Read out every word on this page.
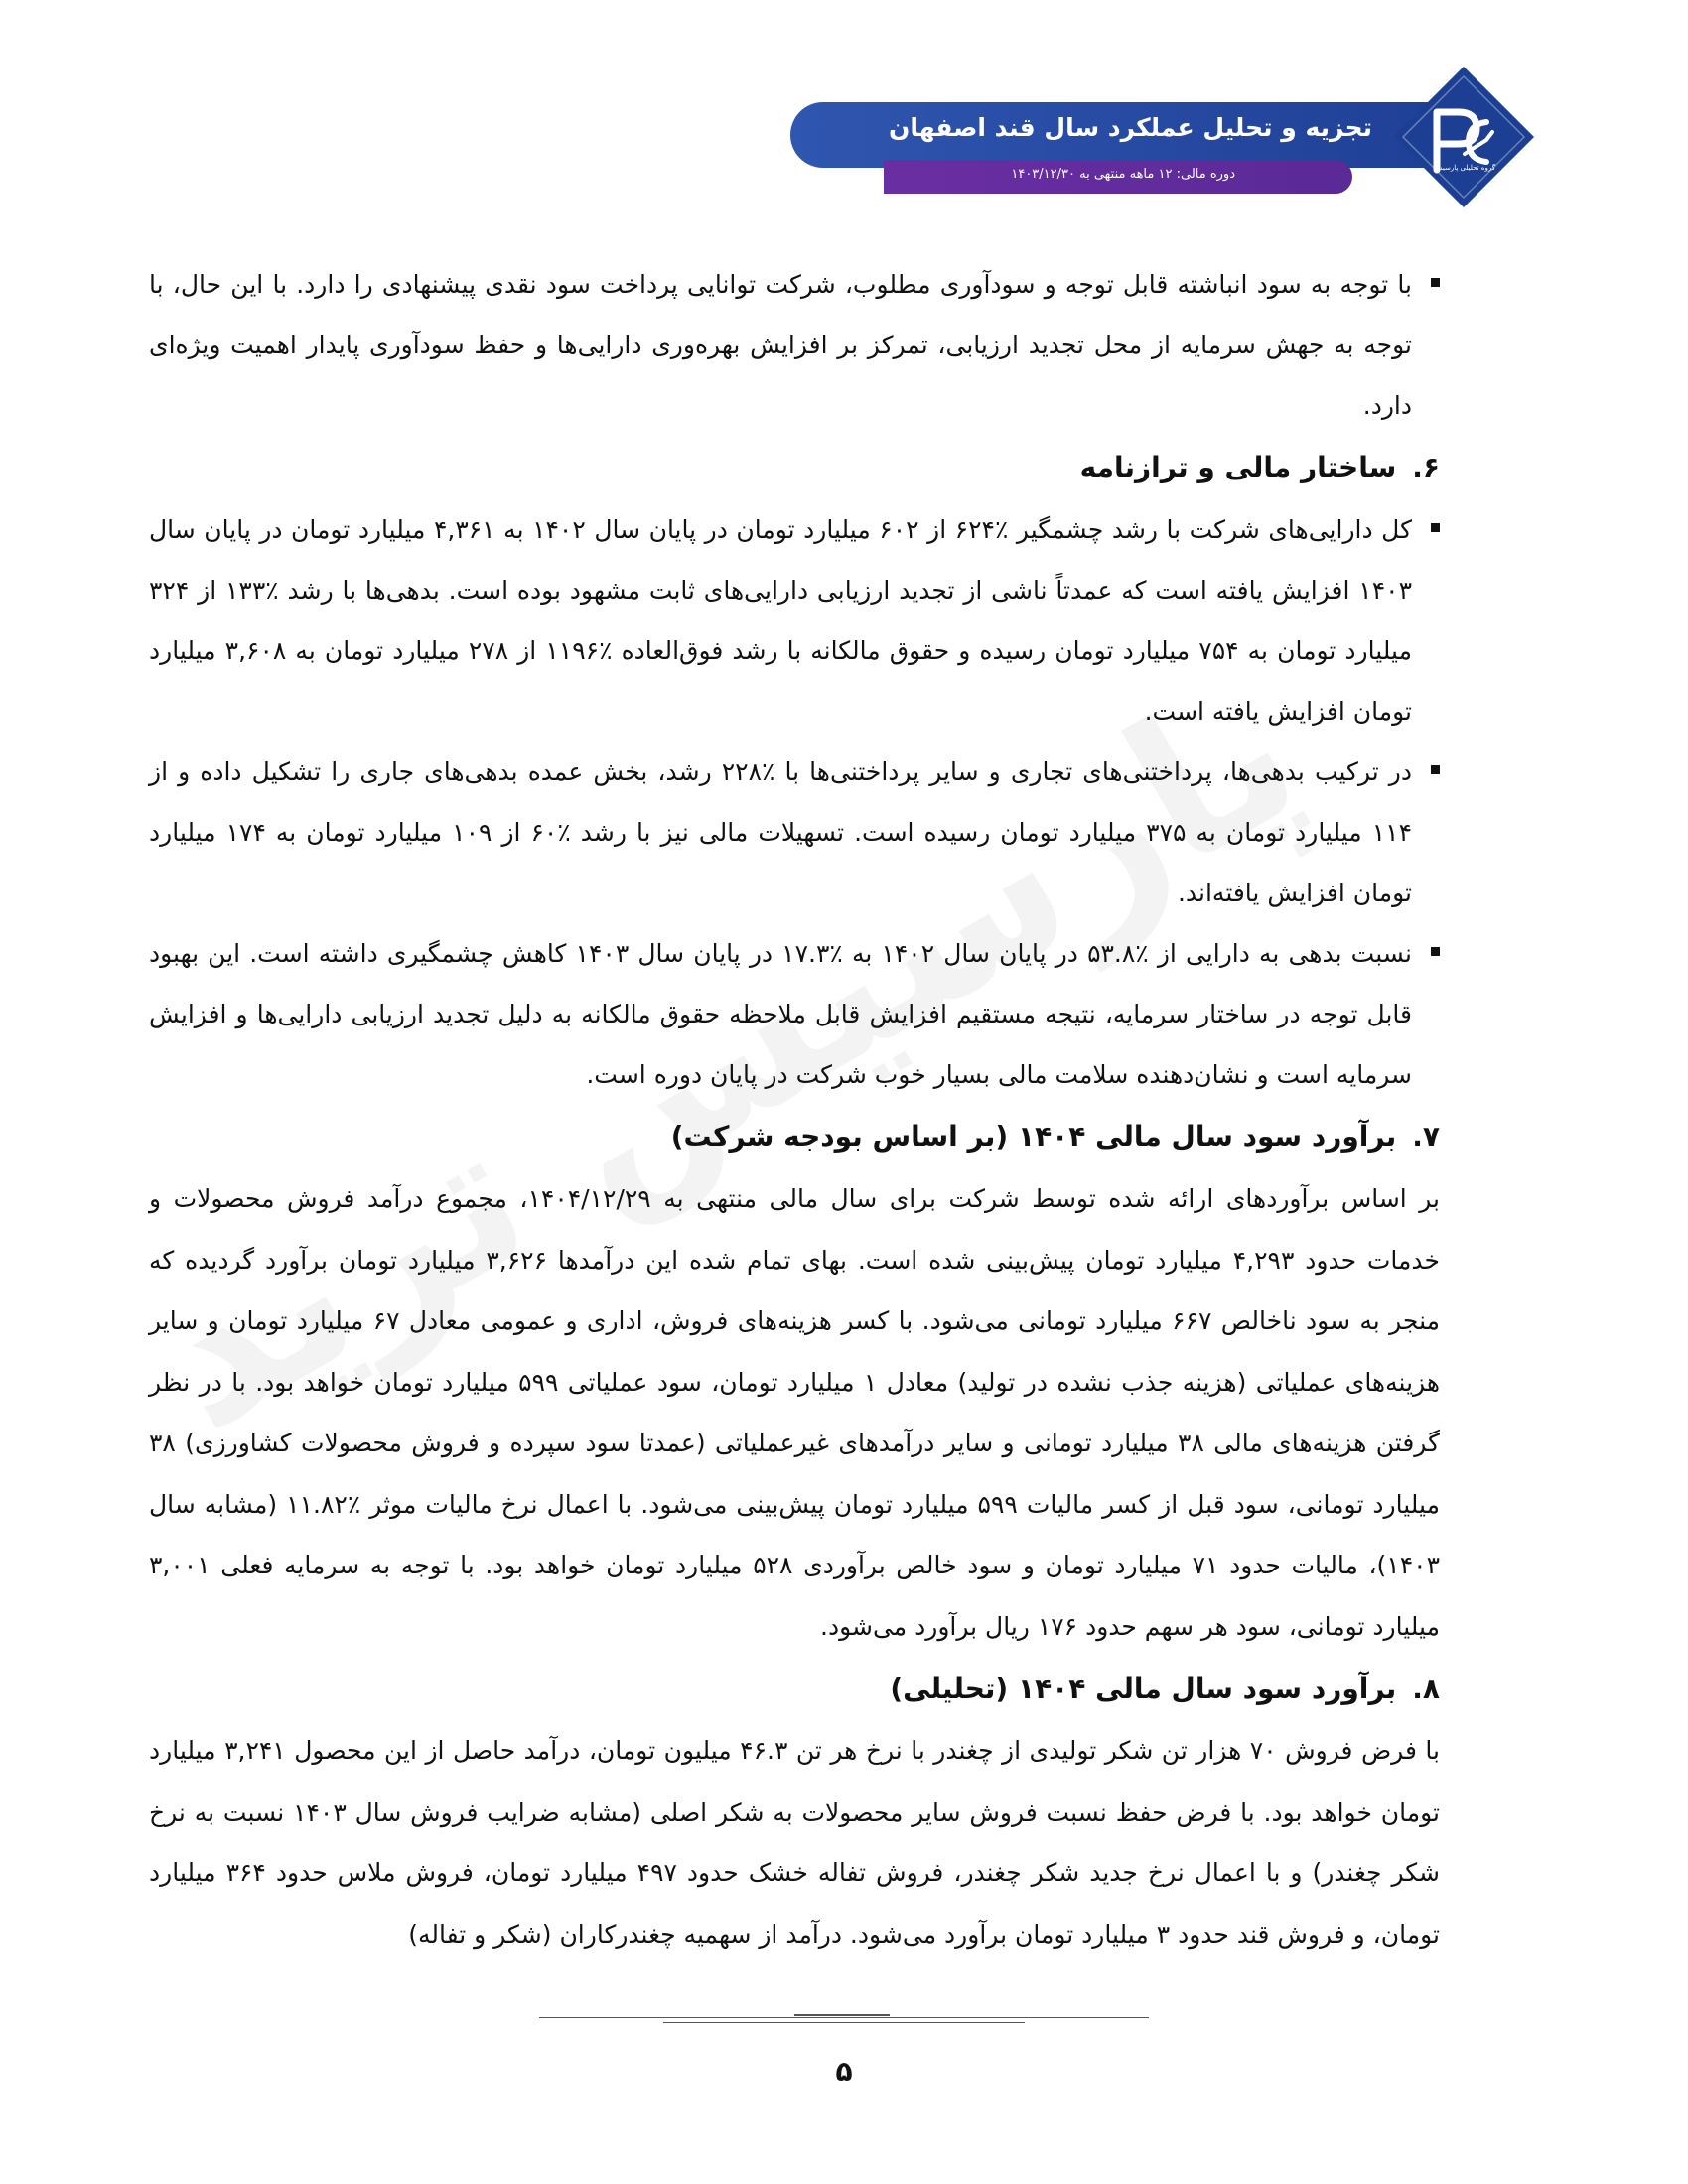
تجزیه و تحلیل عملکرد سال قند اصفهان
دوره مالی: ۱۲ ماهه منتهی به ۱۴۰۳/۱۲/۳۰	گروه تحلیلی پارسیس

با توجه به سود انباشته قابل توجه و سودآوری مطلوب، شرکت توانایی پرداخت سود نقدی پیشنهادی را دارد. با این حال، با توجه به جهش سرمایه از محل تجدید ارزیابی، تمرکز بر افزایش بهره‌وری دارایی‌ها و حفظ سودآوری پایدار اهمیت ویژه‌ای دارد.

۶.
ساختار مالی و ترازنامه

کل دارایی‌های شرکت با رشد چشمگیر ٪۶۲۴ از ۶۰۲ میلیارد تومان در پایان سال ۱۴۰۲ به ۴,۳۶۱ میلیارد تومان در پایان سال ۱۴۰۳ افزایش یافته است که عمدتاً ناشی از تجدید ارزیابی دارایی‌های ثابت مشهود بوده است. بدهی‌ها با رشد ٪۱۳۳ از ۳۲۴ میلیارد تومان به ۷۵۴ میلیارد تومان رسیده و حقوق مالکانه با رشد فوق‌العاده ٪۱۱۹۶ از ۲۷۸ میلیارد تومان به ۳,۶۰۸ میلیارد تومان افزایش یافته است.

در ترکیب بدهی‌ها، پرداختنی‌های تجاری و سایر پرداختنی‌ها با ٪۲۲۸ رشد، بخش عمده بدهی‌های جاری را تشکیل داده و از ۱۱۴ میلیارد تومان به ۳۷۵ میلیارد تومان رسیده است. تسهیلات مالی نیز با رشد ٪۶۰ از ۱۰۹ میلیارد تومان به ۱۷۴ میلیارد تومان افزایش یافته‌اند.

نسبت بدهی به دارایی از ٪۵۳.۸ در پایان سال ۱۴۰۲ به ٪۱۷.۳ در پایان سال ۱۴۰۳ کاهش چشمگیری داشته است. این بهبود قابل توجه در ساختار سرمایه، نتیجه مستقیم افزایش قابل ملاحظه حقوق مالکانه به دلیل تجدید ارزیابی دارایی‌ها و افزایش سرمایه است و نشان‌دهنده سلامت مالی بسیار خوب شرکت در پایان دوره است.

۷.
برآورد سود سال مالی ۱۴۰۴ (بر اساس بودجه شرکت)

بر اساس برآوردهای ارائه شده توسط شرکت برای سال مالی منتهی به ۱۴۰۴/۱۲/۲۹، مجموع درآمد فروش محصولات و خدمات حدود ۴,۲۹۳ میلیارد تومان پیش‌بینی شده است. بهای تمام شده این درآمدها ۳,۶۲۶ میلیارد تومان برآورد گردیده که منجر به سود ناخالص ۶۶۷ میلیارد تومانی می‌شود. با کسر هزینه‌های فروش، اداری و عمومی معادل ۶۷ میلیارد تومان و سایر هزینه‌های عملیاتی (هزینه جذب نشده در تولید) معادل ۱ میلیارد تومان، سود عملیاتی ۵۹۹ میلیارد تومان خواهد بود. با در نظر گرفتن هزینه‌های مالی ۳۸ میلیارد تومانی و سایر درآمدهای غیرعملیاتی (عمدتا سود سپرده و فروش محصولات کشاورزی) ۳۸ میلیارد تومانی، سود قبل از کسر مالیات ۵۹۹ میلیارد تومان پیش‌بینی می‌شود. با اعمال نرخ مالیات موثر ٪۱۱.۸۲ (مشابه سال ۱۴۰۳)، مالیات حدود ۷۱ میلیارد تومان و سود خالص برآوردی ۵۲۸ میلیارد تومان خواهد بود. با توجه به سرمایه فعلی ۳,۰۰۱ میلیارد تومانی، سود هر سهم حدود ۱۷۶ ریال برآورد می‌شود.

۸.
برآورد سود سال مالی ۱۴۰۴ (تحلیلی)

با فرض فروش ۷۰ هزار تن شکر تولیدی از چغندر با نرخ هر تن ۴۶.۳ میلیون تومان، درآمد حاصل از این محصول ۳,۲۴۱ میلیارد تومان خواهد بود. با فرض حفظ نسبت فروش سایر محصولات به شکر اصلی (مشابه ضرایب فروش سال ۱۴۰۳ نسبت به نرخ شکر چغندر) و با اعمال نرخ جدید شکر چغندر، فروش تفاله خشک حدود ۴۹۷ میلیارد تومان، فروش ملاس حدود ۳۶۴ میلیارد تومان، و فروش قند حدود ۳ میلیارد تومان برآورد می‌شود. درآمد از سهمیه چغندرکاران (شکر و تفاله)

۵
